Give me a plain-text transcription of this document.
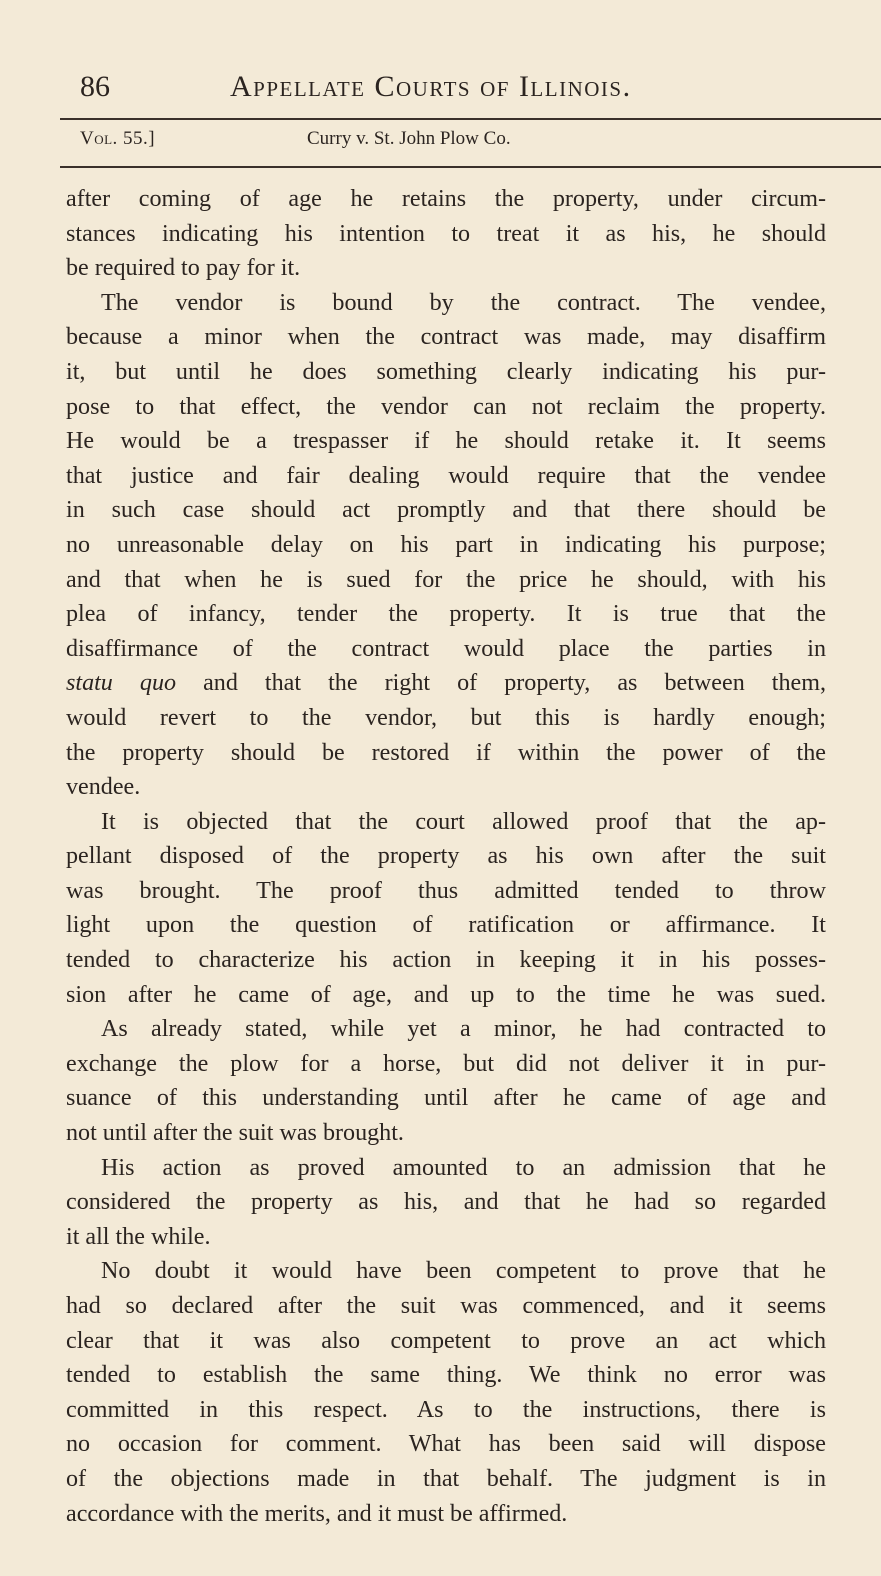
86	Appellate Courts of Illinois.
Vol. 55.]	Curry v. St. John Plow Co.
after coming of age he retains the property, under circum-
stances indicating his intention to treat it as his, he should
be required to pay for it.
The vendor is bound by the contract. The vendee,
because a minor when the contract was made, may disaffirm
it, but until he does something clearly indicating his pur-
pose to that effect, the vendor can not reclaim the property.
He would be a trespasser if he should retake it. It seems
that justice and fair dealing would require that the vendee
in such case should act promptly and that there should be
no unreasonable delay on his part in indicating his purpose;
and that when he is sued for the price he should, with his
plea of infancy, tender the property. It is true that the
disaffirmance of the contract would place the parties in
statu quo and that the right of property, as between them,
would revert to the vendor, but this is hardly enough;
the property should be restored if within the power of the
vendee.
It is objected that the court allowed proof that the ap-
pellant disposed of the property as his own after the suit
was brought. The proof thus admitted tended to throw
light upon the question of ratification or affirmance. It
tended to characterize his action in keeping it in his posses-
sion after he came of age, and up to the time he was sued.
As already stated, while yet a minor, he had contracted to
exchange the plow for a horse, but did not deliver it in pur-
suance of this understanding until after he came of age and
not until after the suit was brought.
His action as proved amounted to an admission that he
considered the property as his, and that he had so regarded
it all the while.
No doubt it would have been competent to prove that he
had so declared after the suit was commenced, and it seems
clear that it was also competent to prove an act which
tended to establish the same thing. We think no error was
committed in this respect. As to the instructions, there is
no occasion for comment. What has been said will dispose
of the objections made in that behalf. The judgment is in
accordance with the merits, and it must be affirmed.
